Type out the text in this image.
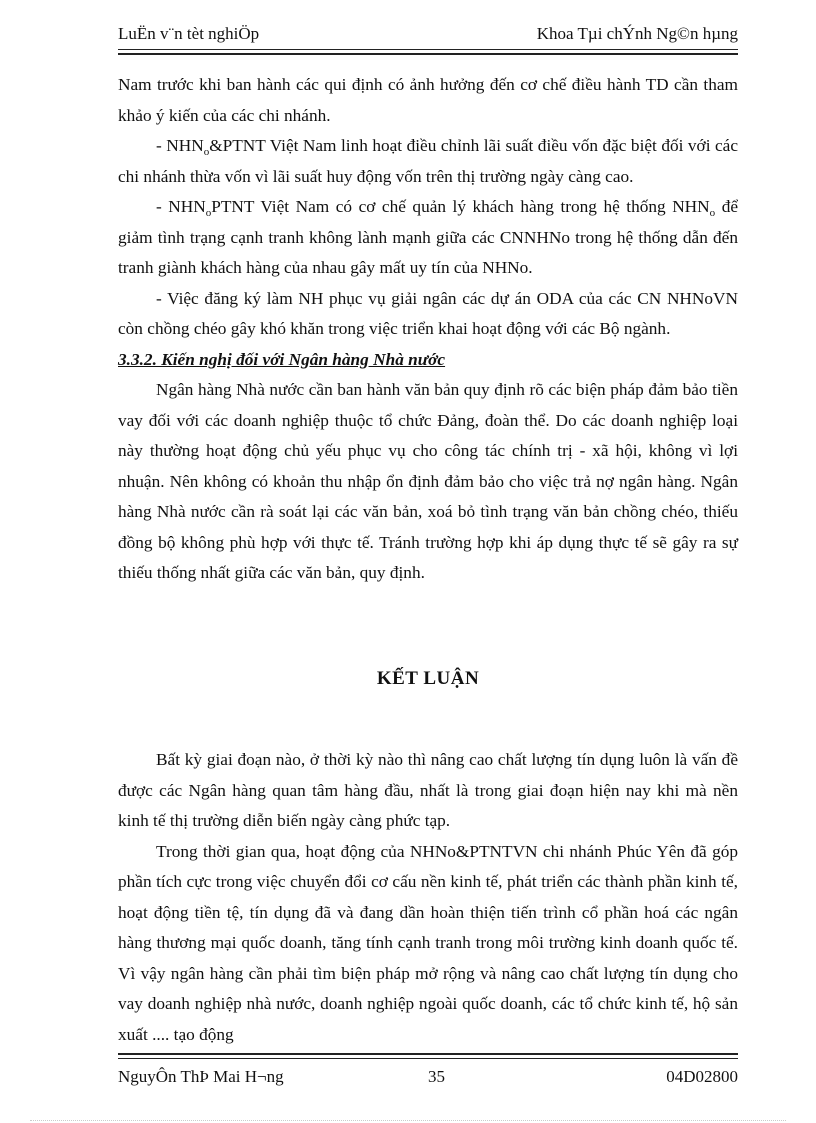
LuËn v¨n tèt nghiÖp	Khoa Tµi chÝnh Ng©n hµng

Nam trước khi ban hành các qui định có ảnh hưởng đến cơ chế điều hành TD cần tham khảo ý kiến của các chi nhánh.

- $NHN_o\&PTNT$ Việt Nam linh hoạt điều chỉnh lãi suất điều vốn đặc biệt đối với các chi nhánh thừa vốn vì lãi suất huy động vốn trên thị trường ngày càng cao.

- $NHN_oPTNT$ Việt Nam có cơ chế quản lý khách hàng trong hệ thống $NHN_o$ để giảm tình trạng cạnh tranh không lành mạnh giữa các CNNHNo trong hệ thống dẫn đến tranh giành khách hàng của nhau gây mất uy tín của NHNo.

- Việc đăng ký làm NH phục vụ giải ngân các dự án ODA của các CN NHNoVN còn chồng chéo gây khó khăn trong việc triển khai hoạt động với các Bộ ngành.

3.3.2. Kiến nghị đối với Ngân hàng Nhà nước

Ngân hàng Nhà nước cần ban hành văn bản quy định rõ các biện pháp đảm bảo tiền vay đối với các doanh nghiệp thuộc tổ chức Đảng, đoàn thể. Do các doanh nghiệp loại này thường hoạt động chủ yếu phục vụ cho công tác chính trị - xã hội, không vì lợi nhuận. Nên không có khoản thu nhập ổn định đảm bảo cho việc trả nợ ngân hàng. Ngân hàng Nhà nước cần rà soát lại các văn bản, xoá bỏ tình trạng văn bản chồng chéo, thiếu đồng bộ không phù hợp với thực tế. Tránh trường hợp khi áp dụng thực tế sẽ gây ra sự thiếu thống nhất giữa các văn bản, quy định.

KẾT LUẬN

Bất kỳ giai đoạn nào, ở thời kỳ nào thì nâng cao chất lượng tín dụng luôn là vấn đề được các Ngân hàng quan tâm hàng đầu, nhất là trong giai đoạn hiện nay khi mà nền kinh tế thị trường diễn biến ngày càng phức tạp.

Trong thời gian qua, hoạt động của NHNo&PTNTVN chi nhánh Phúc Yên đã góp phần tích cực trong việc chuyển đổi cơ cấu nền kinh tế, phát triển các thành phần kinh tế, hoạt động tiền tệ, tín dụng đã và đang dần hoàn thiện tiến trình cổ phần hoá các ngân hàng thương mại quốc doanh, tăng tính cạnh tranh trong môi trường kinh doanh quốc tế. Vì vậy ngân hàng cần phải tìm biện pháp mở rộng và nâng cao chất lượng tín dụng cho vay doanh nghiệp nhà nước, doanh nghiệp ngoài quốc doanh, các tổ chức kinh tế, hộ sản xuất .... tạo động

NguyÔn ThÞ Mai H¬ng	35	04D02800
